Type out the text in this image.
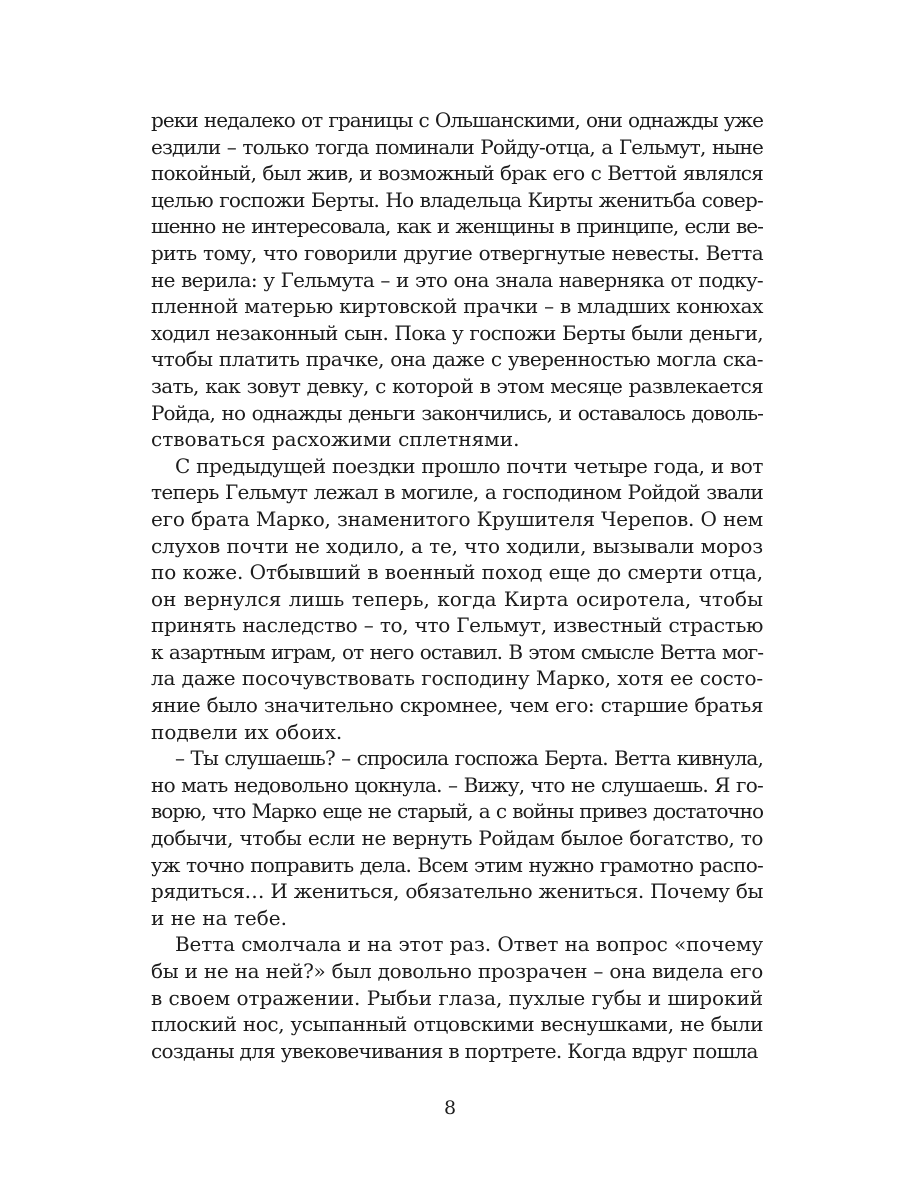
реки недалеко от границы с Ольшанскими, они однажды уже
ездили – только тогда поминали Ройду-отца, а Гельмут, ныне
покойный, был жив, и возможный брак его с Веттой являлся
целью госпожи Берты. Но владельца Кирты женитьба совер-
шенно не интересовала, как и женщины в принципе, если ве-
рить тому, что говорили другие отвергнутые невесты. Ветта
не верила: у Гельмута – и это она знала наверняка от подку-
пленной матерью киртовской прачки – в младших конюхах
ходил незаконный сын. Пока у госпожи Берты были деньги,
чтобы платить прачке, она даже с уверенностью могла ска-
зать, как зовут девку, с которой в этом месяце развлекается
Ройда, но однажды деньги закончились, и оставалось доволь-
ствоваться расхожими сплетнями.
С предыдущей поездки прошло почти четыре года, и вот
теперь Гельмут лежал в могиле, а господином Ройдой звали
его брата Марко, знаменитого Крушителя Черепов. О нем
слухов почти не ходило, а те, что ходили, вызывали мороз
по коже. Отбывший в военный поход еще до смерти отца,
он вернулся лишь теперь, когда Кирта осиротела, чтобы
принять наследство – то, что Гельмут, известный страстью
к азартным играм, от него оставил. В этом смысле Ветта мог-
ла даже посочувствовать господину Марко, хотя ее состо-
яние было значительно скромнее, чем его: старшие братья
подвели их обоих.
– Ты слушаешь? – спросила госпожа Берта. Ветта кивнула,
но мать недовольно цокнула. – Вижу, что не слушаешь. Я го-
ворю, что Марко еще не старый, а с войны привез достаточно
добычи, чтобы если не вернуть Ройдам былое богатство, то
уж точно поправить дела. Всем этим нужно грамотно распо-
рядиться… И жениться, обязательно жениться. Почему бы
и не на тебе.
Ветта смолчала и на этот раз. Ответ на вопрос «почему
бы и не на ней?» был довольно прозрачен – она видела его
в своем отражении. Рыбьи глаза, пухлые губы и широкий
плоский нос, усыпанный отцовскими веснушками, не были
созданы для увековечивания в портрете. Когда вдруг пошла
8
